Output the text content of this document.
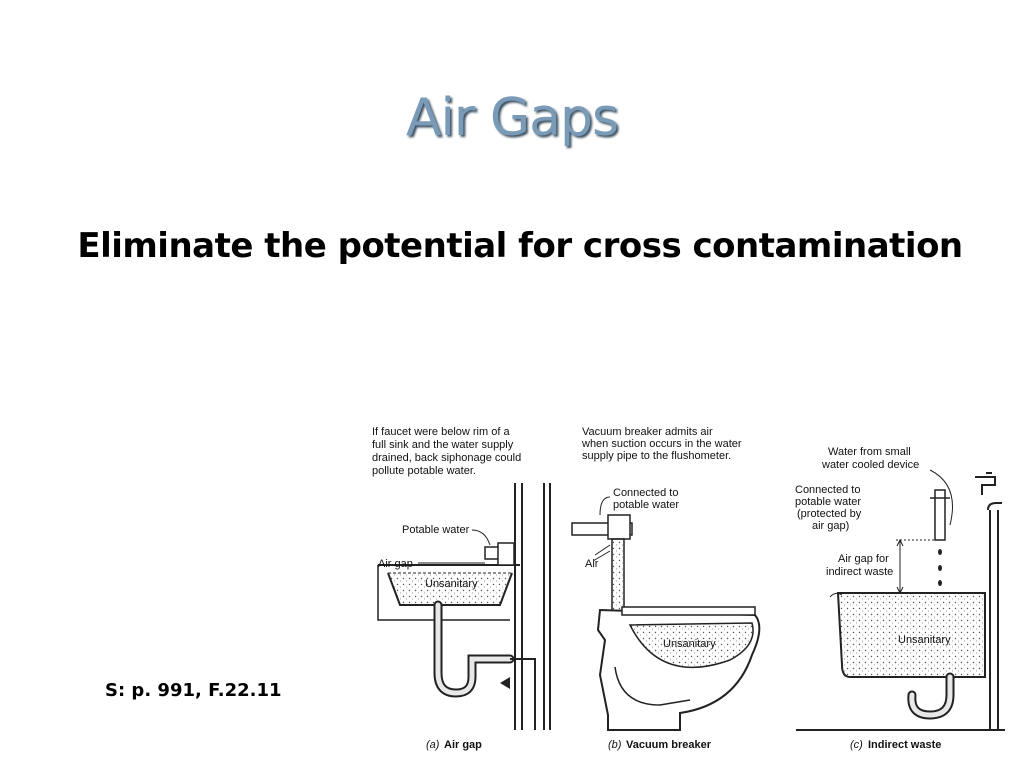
Air Gaps
Eliminate the potential for cross contamination
S: p. 991, F.22.11
If faucet were below rim of a
full sink and the water supply
drained, back siphonage could
pollute potable water.
Potable water
Air gap
Unsanitary
(a) Air gap
Vacuum breaker admits air
when suction occurs in the water
supply pipe to the flushometer.
Connected to
potable water
Air
Unsanitary
(b) Vacuum breaker
Water from small
water cooled device
Connected to
potable water
(protected by
air gap)
Air gap for
indirect waste
Unsanitary
(c) Indirect waste
